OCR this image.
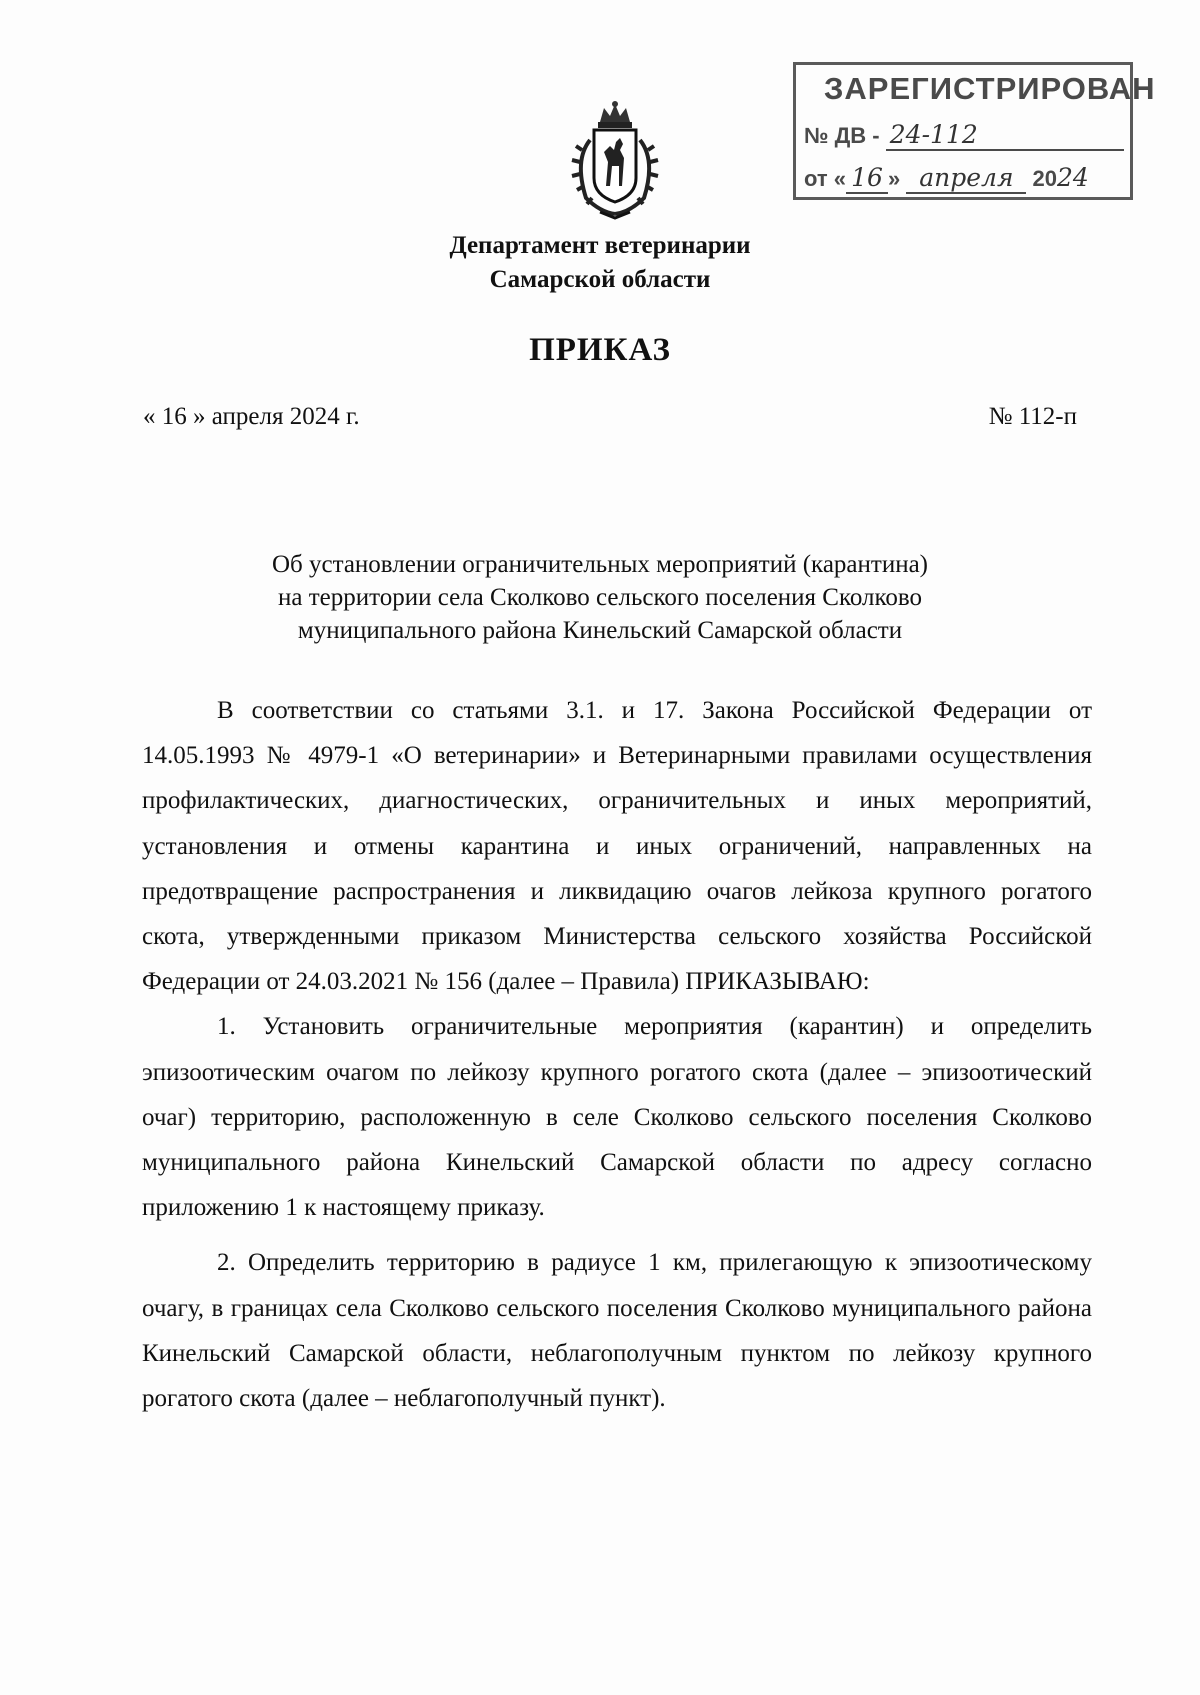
ЗАРЕГИСТРИРОВАН
№ ДВ - 24-112
от « 16 » апреля 2024
Департамент ветеринарии
Самарской области
ПРИКАЗ
« 16 » апреля 2024 г.	№ 112-п
Об установлении ограничительных мероприятий (карантина)
на территории села Сколково сельского поселения Сколково
муниципального района Кинельский Самарской области

В соответствии со статьями 3.1. и 17. Закона Российской Федерации от 14.05.1993 № 4979-1 «О ветеринарии» и Ветеринарными правилами осуществления профилактических, диагностических, ограничительных и иных мероприятий, установления и отмены карантина и иных ограничений, направленных на предотвращение распространения и ликвидацию очагов лейкоза крупного рогатого скота, утвержденными приказом Министерства сельского хозяйства Российской Федерации от 24.03.2021 № 156 (далее – Правила) ПРИКАЗЫВАЮ:

1. Установить ограничительные мероприятия (карантин) и определить эпизоотическим очагом по лейкозу крупного рогатого скота (далее – эпизоотический очаг) территорию, расположенную в селе Сколково сельского поселения Сколково муниципального района Кинельский Самарской области по адресу согласно приложению 1 к настоящему приказу.

2. Определить территорию в радиусе 1 км, прилегающую к эпизоотическому очагу, в границах села Сколково сельского поселения Сколково муниципального района Кинельский Самарской области, неблагополучным пунктом по лейкозу крупного рогатого скота (далее – неблагополучный пункт).
